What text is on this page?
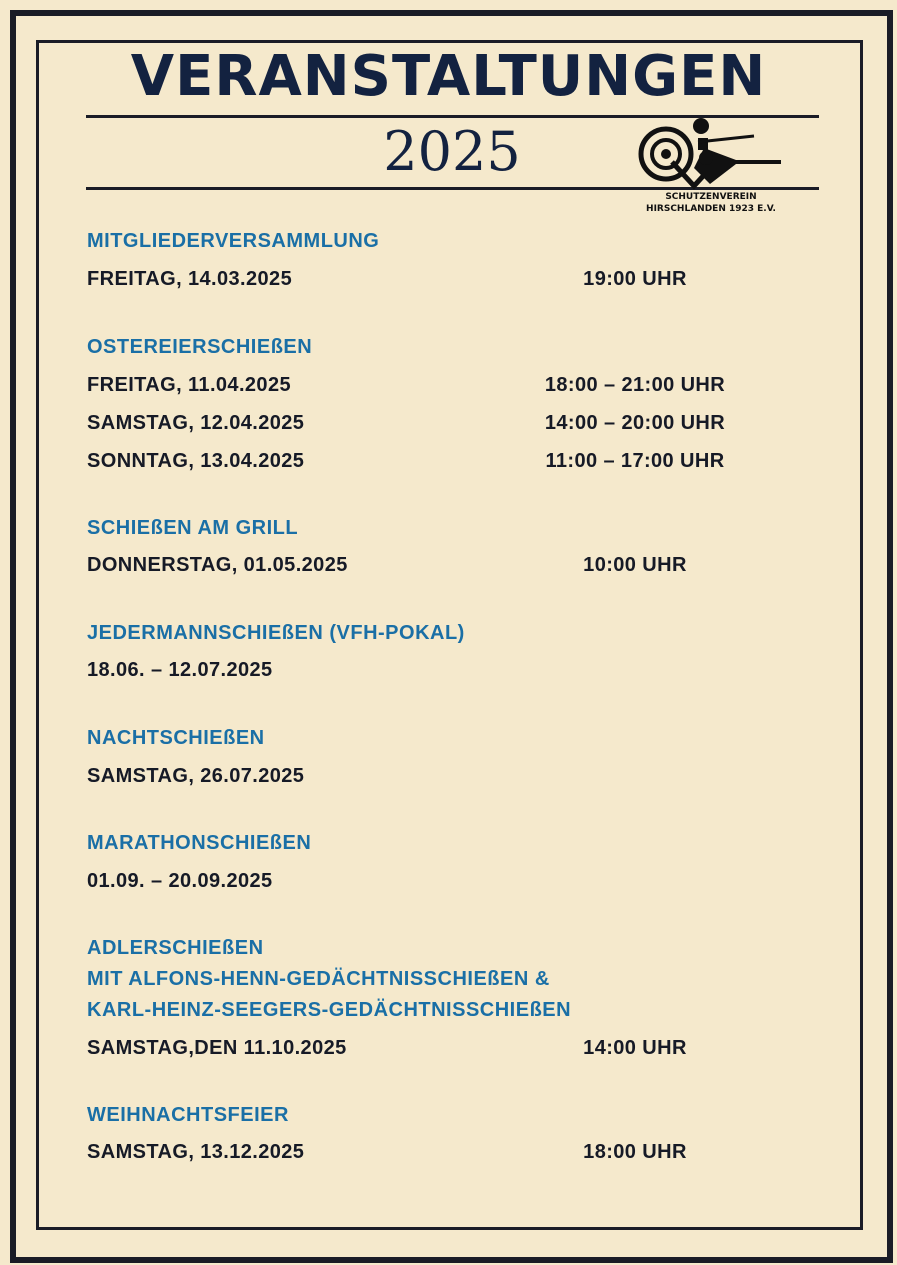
VERANSTALTUNGEN
2025
SCHUTZENVEREIN
HIRSCHLANDEN 1923 E.V.
MITGLIEDERVERSAMMLUNG
FREITAG, 14.03.2025	19:00 UHR
OSTEREIERSCHIEßEN
FREITAG, 11.04.2025	18:00 – 21:00 UHR
SAMSTAG, 12.04.2025	14:00 – 20:00 UHR
SONNTAG, 13.04.2025	11:00 – 17:00 UHR
SCHIEßEN AM GRILL
DONNERSTAG, 01.05.2025	10:00 UHR
JEDERMANNSCHIEßEN (VFH-POKAL)
18.06. – 12.07.2025
NACHTSCHIEßEN
SAMSTAG, 26.07.2025
MARATHONSCHIEßEN
01.09. – 20.09.2025
ADLERSCHIEßEN
MIT ALFONS-HENN-GEDÄCHTNISSCHIEßEN &
KARL-HEINZ-SEEGERS-GEDÄCHTNISSCHIEßEN
SAMSTAG,DEN 11.10.2025	14:00 UHR
WEIHNACHTSFEIER
SAMSTAG, 13.12.2025	18:00 UHR
